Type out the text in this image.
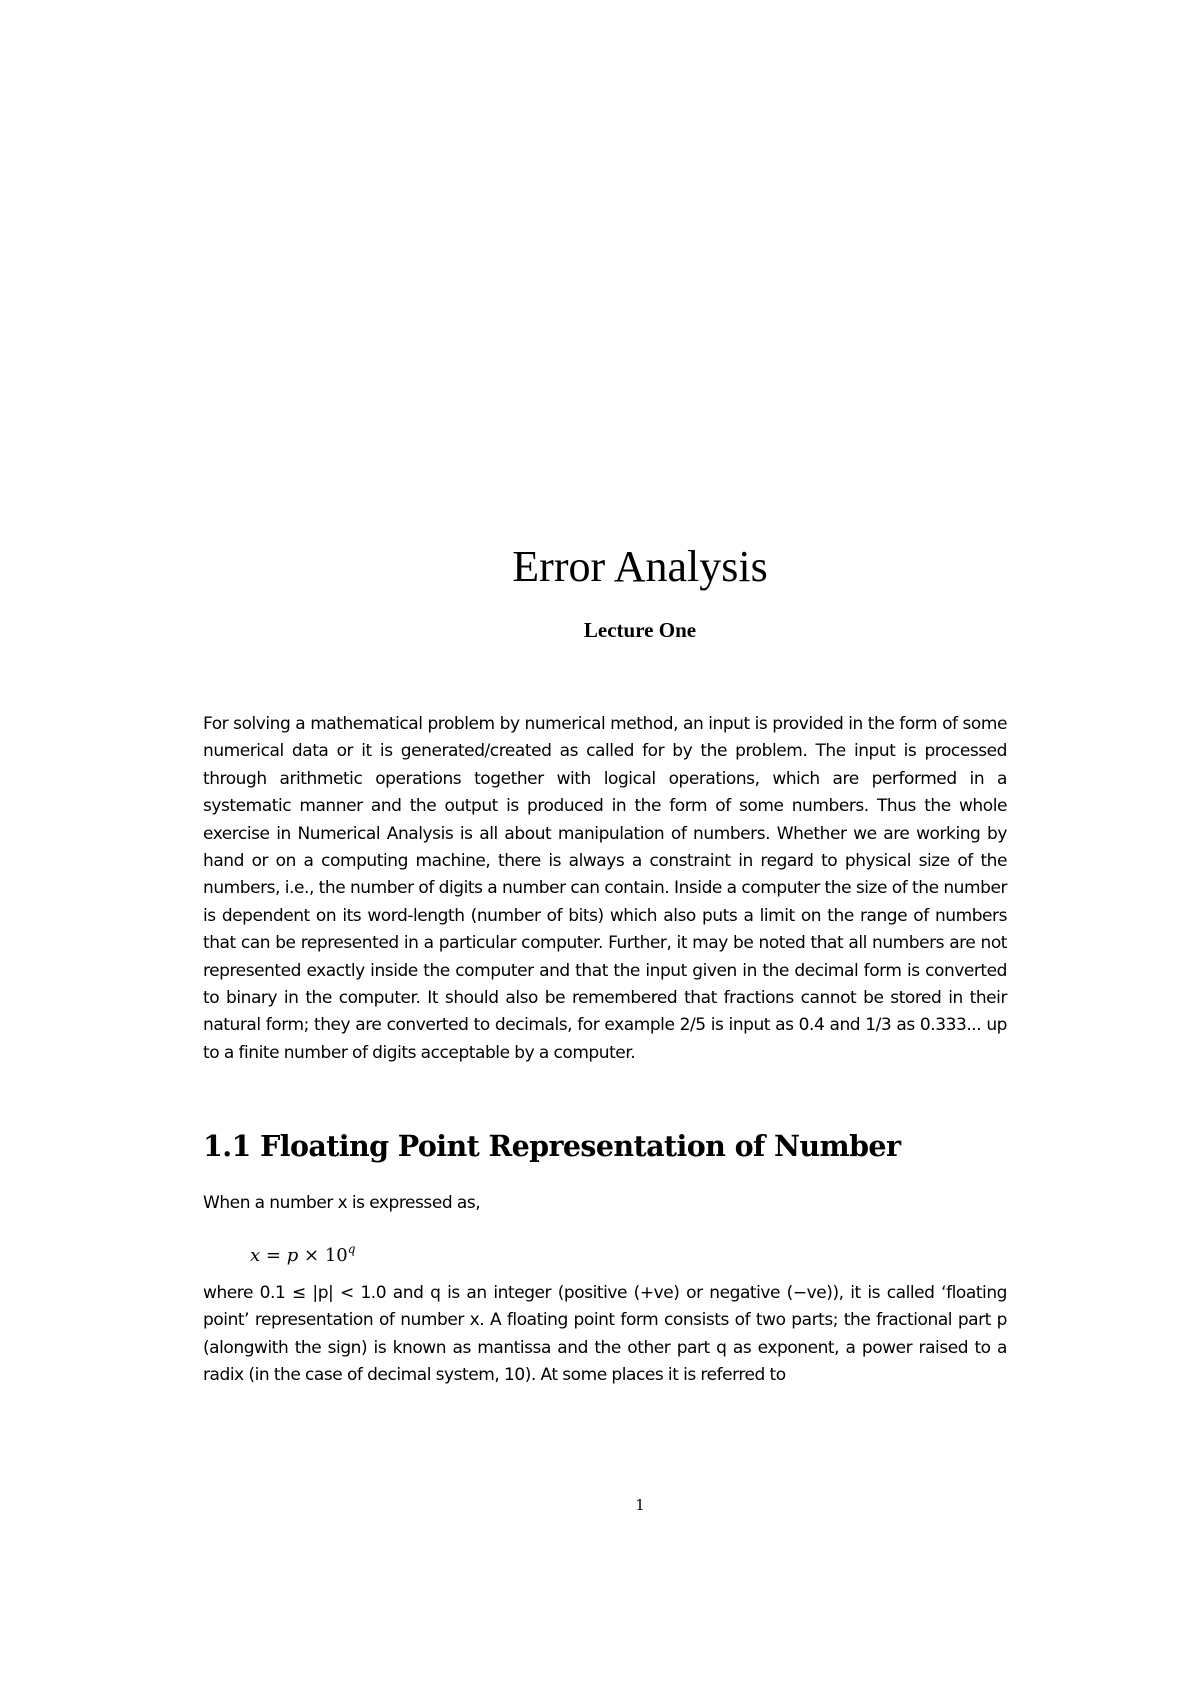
Error Analysis
Lecture One

For solving a mathematical problem by numerical method, an input is provided in the form of some numerical data or it is generated/created as called for by the problem. The input is processed through arithmetic operations together with logical operations, which are performed in a systematic manner and the output is produced in the form of some numbers. Thus the whole exercise in Numerical Analysis is all about manipulation of numbers. Whether we are working by hand or on a computing machine, there is always a constraint in regard to physical size of the numbers, i.e., the number of digits a number can contain. Inside a computer the size of the number is dependent on its word-length (number of bits) which also puts a limit on the range of numbers that can be represented in a particular computer. Further, it may be noted that all numbers are not represented exactly inside the computer and that the input given in the decimal form is converted to binary in the computer. It should also be remembered that fractions cannot be stored in their natural form; they are converted to decimals, for example 2/5 is input as 0.4 and 1/3 as 0.333... up to a finite number of digits acceptable by a computer.

1.1 Floating Point Representation of Number

When a number x is expressed as,

$x = p \times 10^q$

where 0.1 ≤ |p| < 1.0 and q is an integer (positive (+ve) or negative (−ve)), it is called ‘floating point’ representation of number x. A floating point form consists of two parts; the fractional part p (alongwith the sign) is known as mantissa and the other part q as exponent, a power raised to a radix (in the case of decimal system, 10). At some places it is referred to

1
